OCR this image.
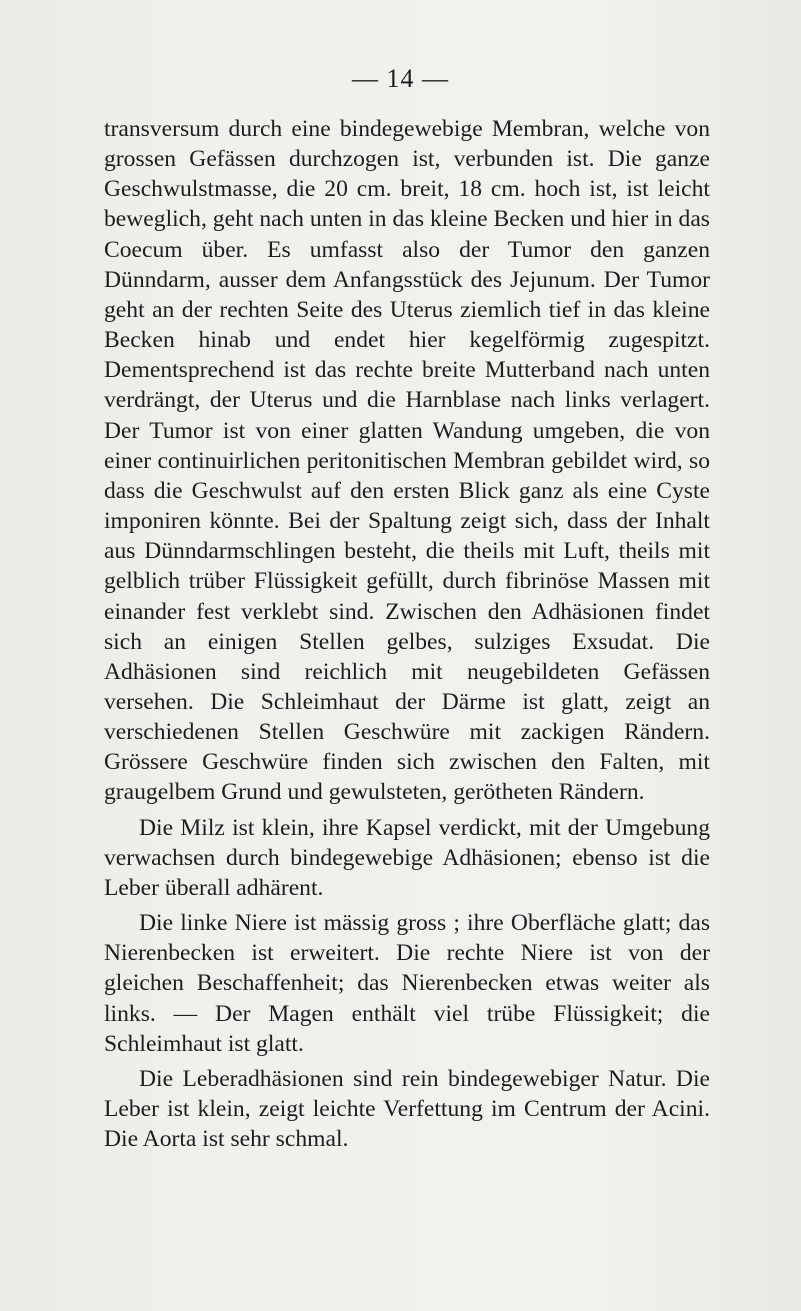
— 14 —

transversum durch eine bindegewebige Membran, welche von grossen Gefässen durchzogen ist, verbunden ist. Die ganze Geschwulstmasse, die 20 cm. breit, 18 cm. hoch ist, ist leicht beweglich, geht nach unten in das kleine Becken und hier in das Coecum über. Es umfasst also der Tumor den ganzen Dünndarm, ausser dem Anfangsstück des Jejunum. Der Tumor geht an der rechten Seite des Uterus ziemlich tief in das kleine Becken hinab und endet hier kegelförmig zugespitzt. Dementsprechend ist das rechte breite Mutterband nach unten verdrängt, der Uterus und die Harnblase nach links verlagert. Der Tumor ist von einer glatten Wandung umgeben, die von einer continuirlichen peritonitischen Membran gebildet wird, so dass die Geschwulst auf den ersten Blick ganz als eine Cyste imponiren könnte. Bei der Spaltung zeigt sich, dass der Inhalt aus Dünndarmschlingen besteht, die theils mit Luft, theils mit gelblich trüber Flüssigkeit gefüllt, durch fibrinöse Massen mit einander fest verklebt sind. Zwischen den Adhäsionen findet sich an einigen Stellen gelbes, sulziges Exsudat. Die Adhäsionen sind reichlich mit neugebildeten Gefässen versehen. Die Schleimhaut der Därme ist glatt, zeigt an verschiedenen Stellen Geschwüre mit zackigen Rändern. Grössere Geschwüre finden sich zwischen den Falten, mit graugelbem Grund und gewulsteten, gerötheten Rändern.

Die Milz ist klein, ihre Kapsel verdickt, mit der Umgebung verwachsen durch bindegewebige Adhäsionen; ebenso ist die Leber überall adhärent.

Die linke Niere ist mässig gross ; ihre Oberfläche glatt; das Nierenbecken ist erweitert. Die rechte Niere ist von der gleichen Beschaffenheit; das Nierenbecken etwas weiter als links. — Der Magen enthält viel trübe Flüssigkeit; die Schleimhaut ist glatt.

Die Leberadhäsionen sind rein bindegewebiger Natur. Die Leber ist klein, zeigt leichte Verfettung im Centrum der Acini. Die Aorta ist sehr schmal.
